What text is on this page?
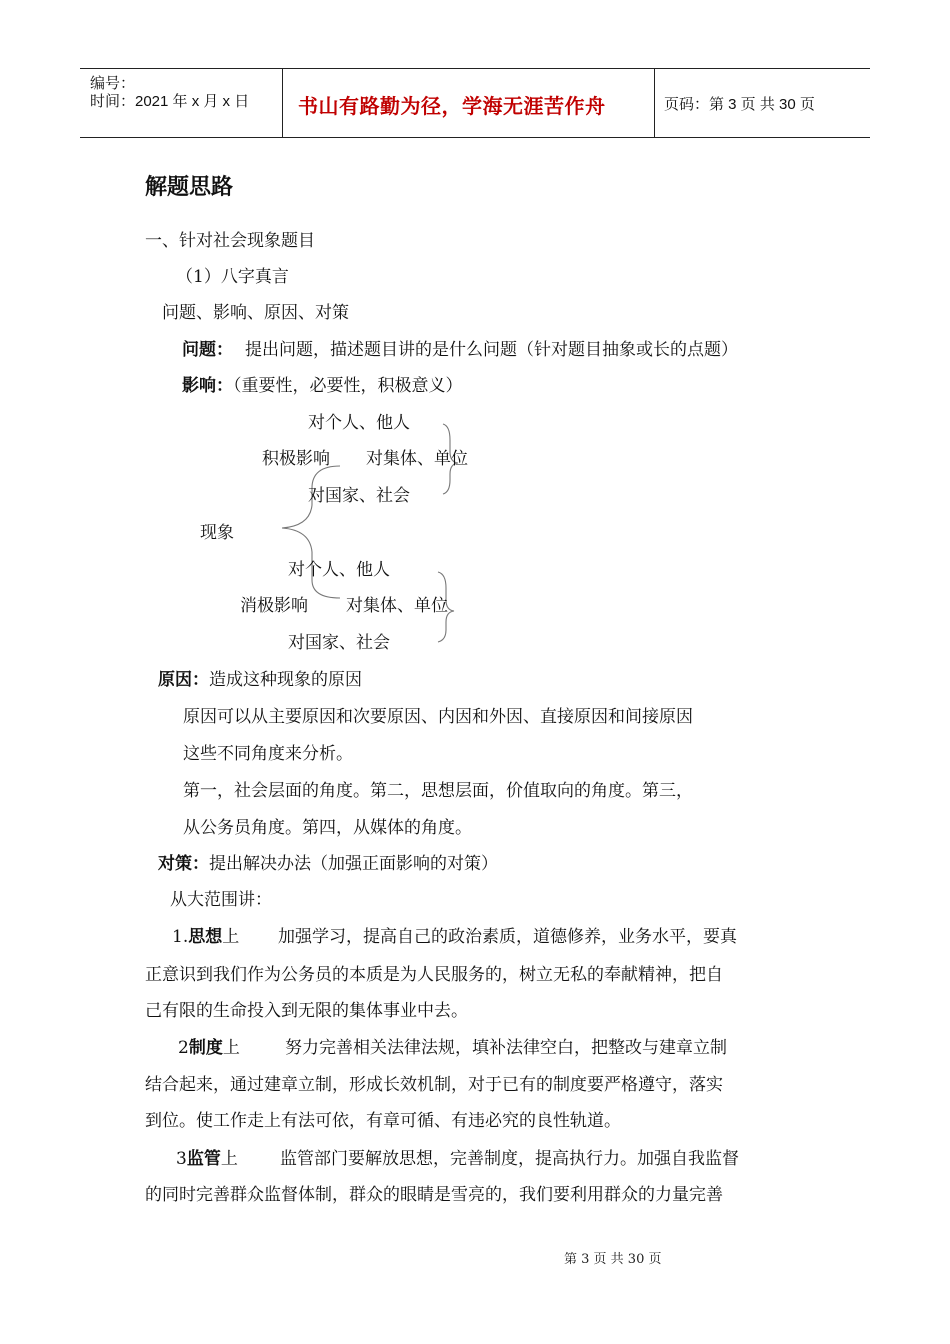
编号：
时间：2021 年 x 月 x 日 书山有路勤为径，学海无涯苦作舟	页码：第 3 页 共 30 页
解题思路
一、针对社会现象题目
（1）八字真言
问题、影响、原因、对策
问题： 提出问题，描述题目讲的是什么问题（针对题目抽象或长的点题）
影响：（重要性，必要性，积极意义）
对个人、他人
积极影响 对集体、单位
对国家、社会
现象
对个人、他人
消极影响 对集体、单位
对国家、社会
原因：造成这种现象的原因
原因可以从主要原因和次要原因、内因和外因、直接原因和间接原因
这些不同角度来分析。
第一，社会层面的角度。第二，思想层面，价值取向的角度。第三，
从公务员角度。第四，从媒体的角度。
对策：提出解决办法（加强正面影响的对策）
从大范围讲：
1.思想上 加强学习，提高自己的政治素质，道德修养，业务水平，要真
正意识到我们作为公务员的本质是为人民服务的，树立无私的奉献精神，把自
己有限的生命投入到无限的集体事业中去。
2制度上	努力完善相关法律法规，填补法律空白，把整改与建章立制
结合起来，通过建章立制，形成长效机制，对于已有的制度要严格遵守，落实
到位。使工作走上有法可依，有章可循、有违必究的良性轨道。
3监管上 监管部门要解放思想，完善制度，提高执行力。加强自我监督
的同时完善群众监督体制，群众的眼睛是雪亮的，我们要利用群众的力量完善
第 3 页 共 30 页
